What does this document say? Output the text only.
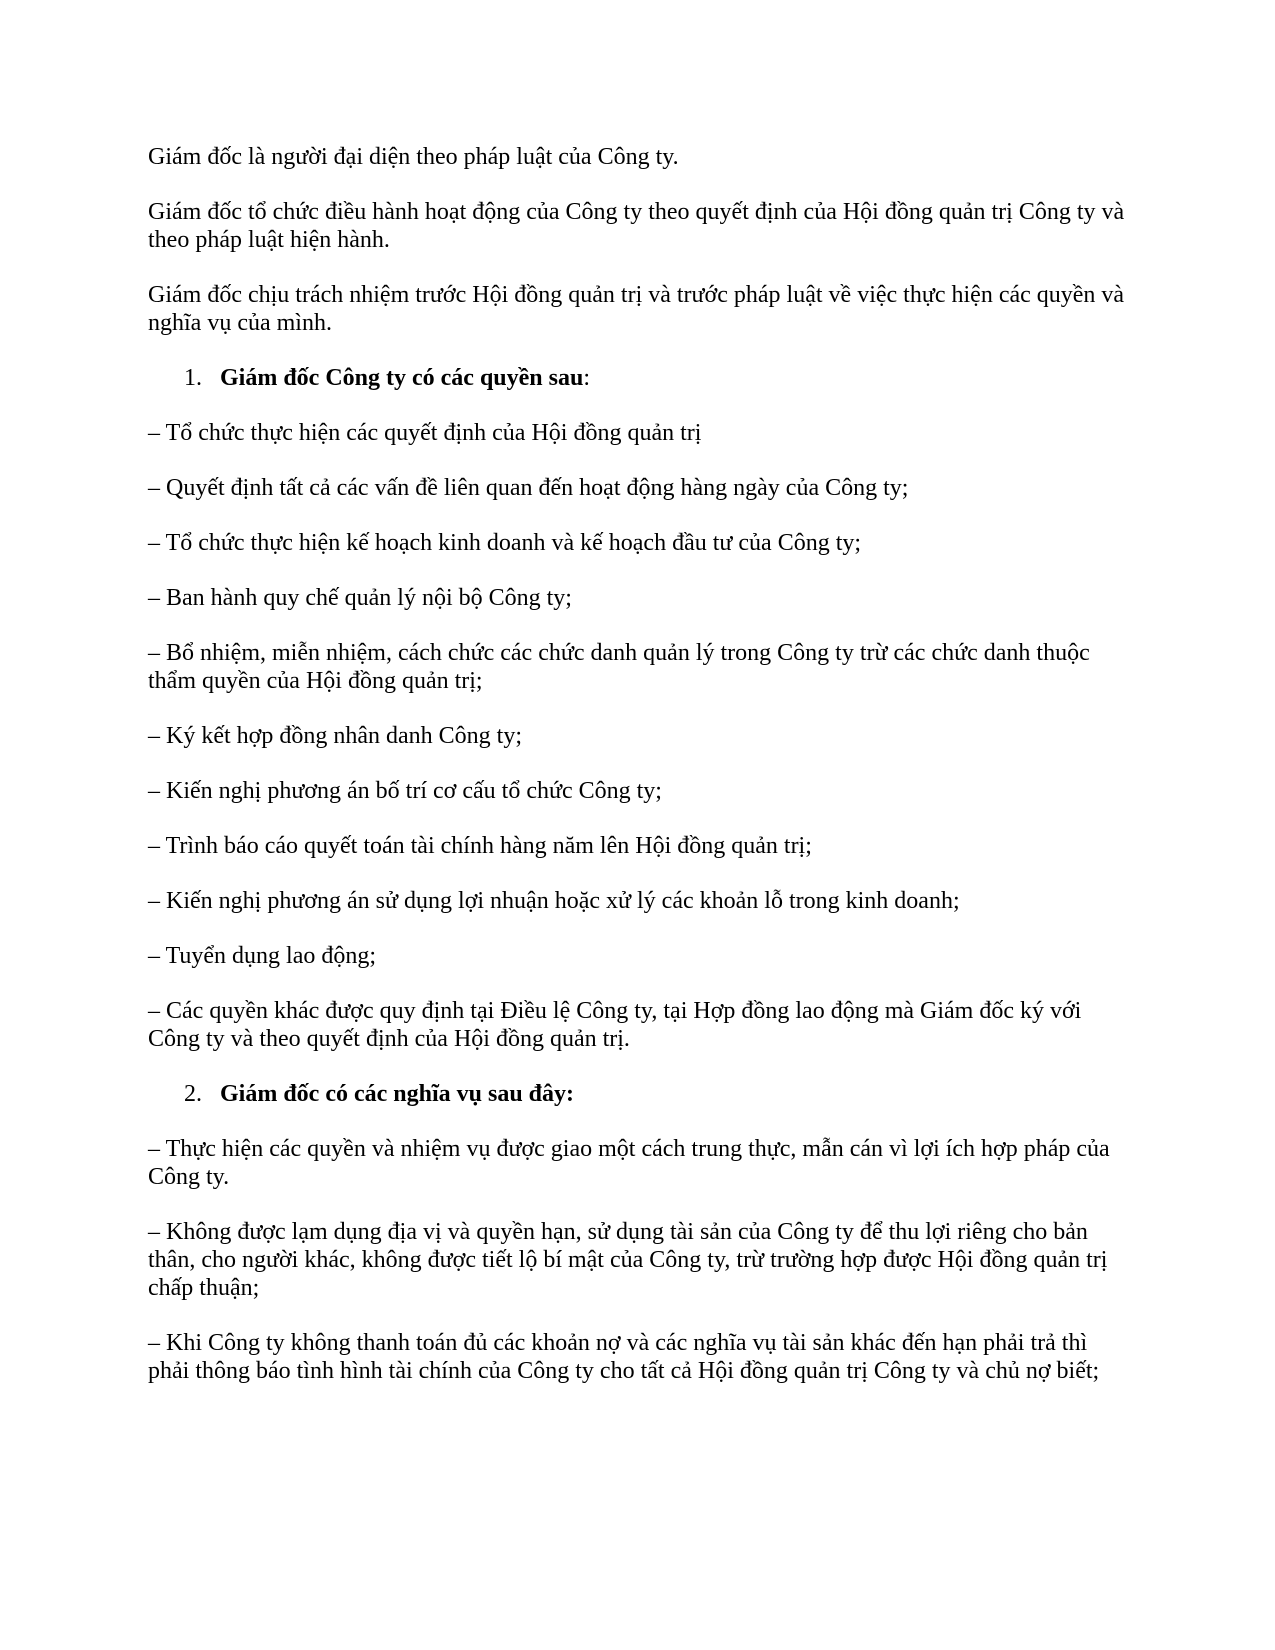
Giám đốc là người đại diện theo pháp luật của Công ty.

Giám đốc tổ chức điều hành hoạt động của Công ty theo quyết định của Hội đồng quản trị Công ty và theo pháp luật hiện hành.

Giám đốc chịu trách nhiệm trước Hội đồng quản trị và trước pháp luật về việc thực hiện các quyền và nghĩa vụ của mình.

1. Giám đốc Công ty có các quyền sau:

– Tổ chức thực hiện các quyết định của Hội đồng quản trị

– Quyết định tất cả các vấn đề liên quan đến hoạt động hàng ngày của Công ty;

– Tổ chức thực hiện kế hoạch kinh doanh và kế hoạch đầu tư của Công ty;

– Ban hành quy chế quản lý nội bộ Công ty;

– Bổ nhiệm, miễn nhiệm, cách chức các chức danh quản lý trong Công ty trừ các chức danh thuộc thẩm quyền của Hội đồng quản trị;

– Ký kết hợp đồng nhân danh Công ty;

– Kiến nghị phương án bố trí cơ cấu tổ chức Công ty;

– Trình báo cáo quyết toán tài chính hàng năm lên Hội đồng quản trị;

– Kiến nghị phương án sử dụng lợi nhuận hoặc xử lý các khoản lỗ trong kinh doanh;

– Tuyển dụng lao động;

– Các quyền khác được quy định tại Điều lệ Công ty, tại Hợp đồng lao động mà Giám đốc ký với Công ty và theo quyết định của Hội đồng quản trị.

2. Giám đốc có các nghĩa vụ sau đây:

– Thực hiện các quyền và nhiệm vụ được giao một cách trung thực, mẫn cán vì lợi ích hợp pháp của Công ty.

– Không được lạm dụng địa vị và quyền hạn, sử dụng tài sản của Công ty để thu lợi riêng cho bản thân, cho người khác, không được tiết lộ bí mật của Công ty, trừ trường hợp được Hội đồng quản trị chấp thuận;

– Khi Công ty không thanh toán đủ các khoản nợ và các nghĩa vụ tài sản khác đến hạn phải trả thì phải thông báo tình hình tài chính của Công ty cho tất cả Hội đồng quản trị Công ty và chủ nợ biết;
